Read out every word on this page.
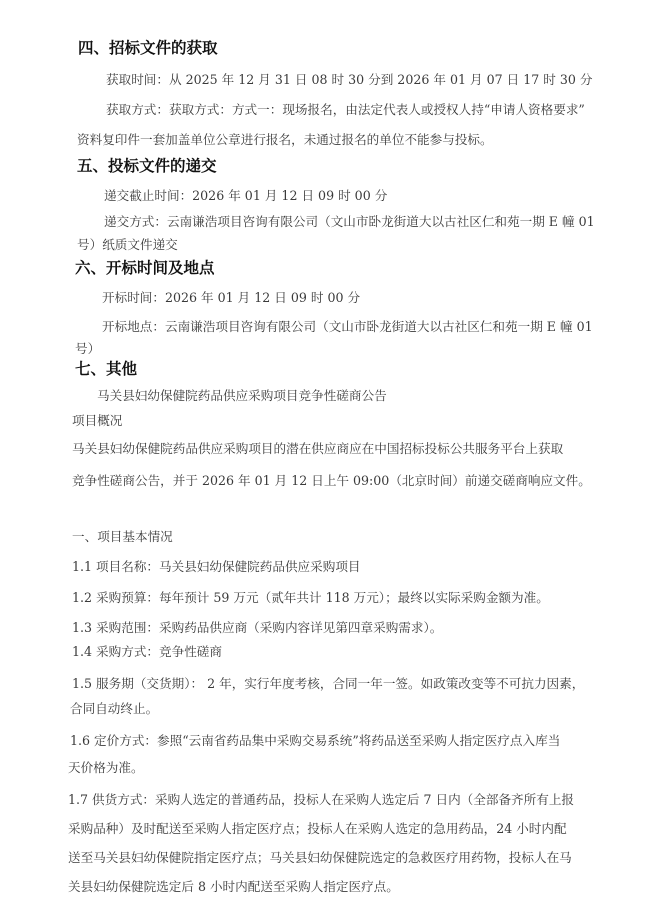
四、招标文件的获取
获取时间：从 2025 年 12 月 31 日 08 时 30 分到 2026 年 01 月 07 日 17 时 30 分
获取方式：获取方式：方式一：现场报名，由法定代表人或授权人持“申请人资格要求”
资料复印件一套加盖单位公章进行报名，未通过报名的单位不能参与投标。
五、投标文件的递交
递交截止时间：2026 年 01 月 12 日 09 时 00 分
递交方式：云南谦浩项目咨询有限公司（文山市卧龙街道大以古社区仁和苑一期 E 幢 01
号）纸质文件递交
六、开标时间及地点
开标时间：2026 年 01 月 12 日 09 时 00 分
开标地点：云南谦浩项目咨询有限公司（文山市卧龙街道大以古社区仁和苑一期 E 幢 01
号）
七、其他
马关县妇幼保健院药品供应采购项目竞争性磋商公告
项目概况
马关县妇幼保健院药品供应采购项目的潜在供应商应在中国招标投标公共服务平台上获取
竞争性磋商公告，并于 2026 年 01 月 12 日上午 09:00（北京时间）前递交磋商响应文件。
一、项目基本情况
1.1 项目名称：马关县妇幼保健院药品供应采购项目
1.2 采购预算：每年预计 59 万元（贰年共计 118 万元）；最终以实际采购金额为准。
1.3 采购范围：采购药品供应商（采购内容详见第四章采购需求）。
1.4 采购方式：竞争性磋商
1.5 服务期（交货期）： 2 年，实行年度考核，合同一年一签。如政策改变等不可抗力因素，
合同自动终止。
1.6 定价方式：参照“云南省药品集中采购交易系统”将药品送至采购人指定医疗点入库当
天价格为准。
1.7 供货方式：采购人选定的普通药品，投标人在采购人选定后 7 日内（全部备齐所有上报
采购品种）及时配送至采购人指定医疗点；投标人在采购人选定的急用药品，24 小时内配
送至马关县妇幼保健院指定医疗点；马关县妇幼保健院选定的急救医疗用药物，投标人在马
关县妇幼保健院选定后 8 小时内配送至采购人指定医疗点。
